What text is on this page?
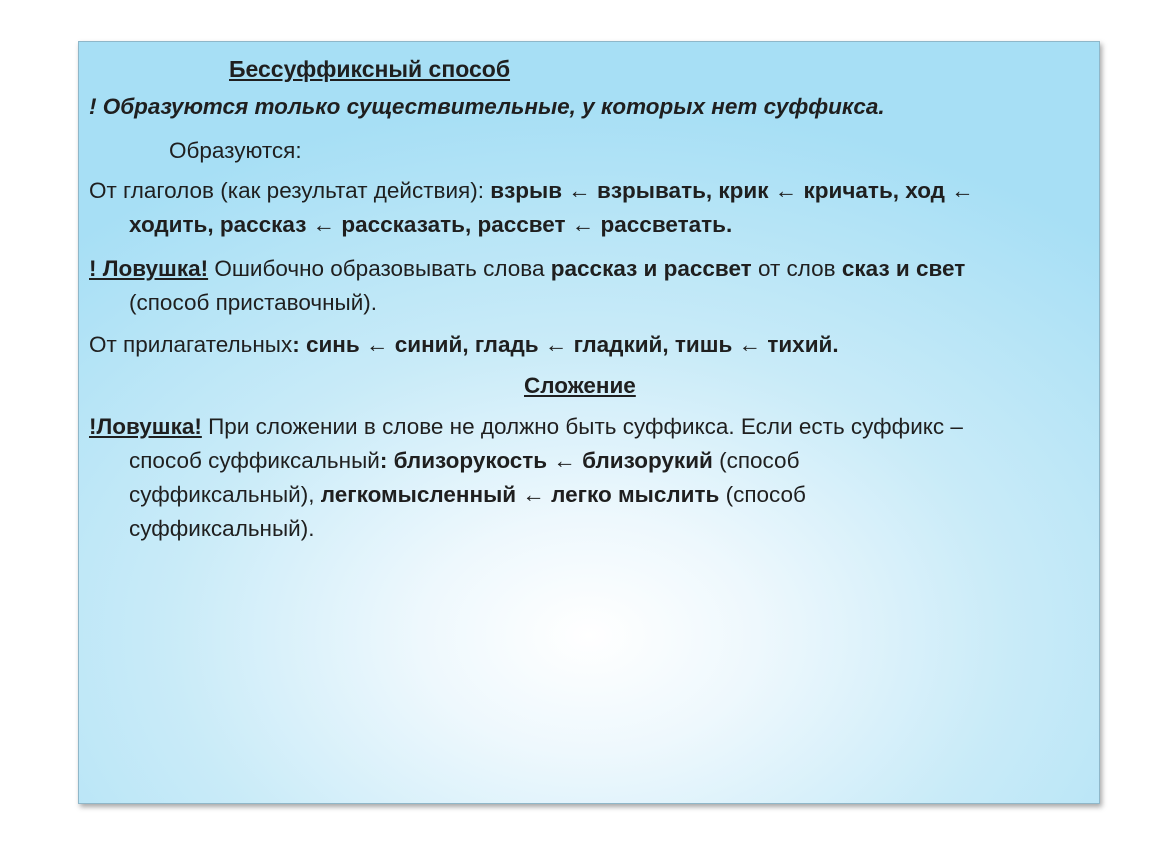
Бессуффиксный способ
! Образуются только существительные, у которых нет суффикса.
Образуются:
От глаголов (как результат действия): взрыв ← взрывать, крик ← кричать, ход ←
ходить, рассказ ← рассказать, рассвет ← рассветать.
! Ловушка! Ошибочно образовывать слова рассказ и рассвет от слов сказ и свет
(способ приставочный).
От прилагательных: синь ← синий, гладь ← гладкий, тишь ← тихий.
Сложение
!Ловушка! При сложении в слове не должно быть суффикса. Если есть суффикс –
способ суффиксальный: близорукость ← близорукий (способ
суффиксальный), легкомысленный ← легко мыслить (способ
суффиксальный).
